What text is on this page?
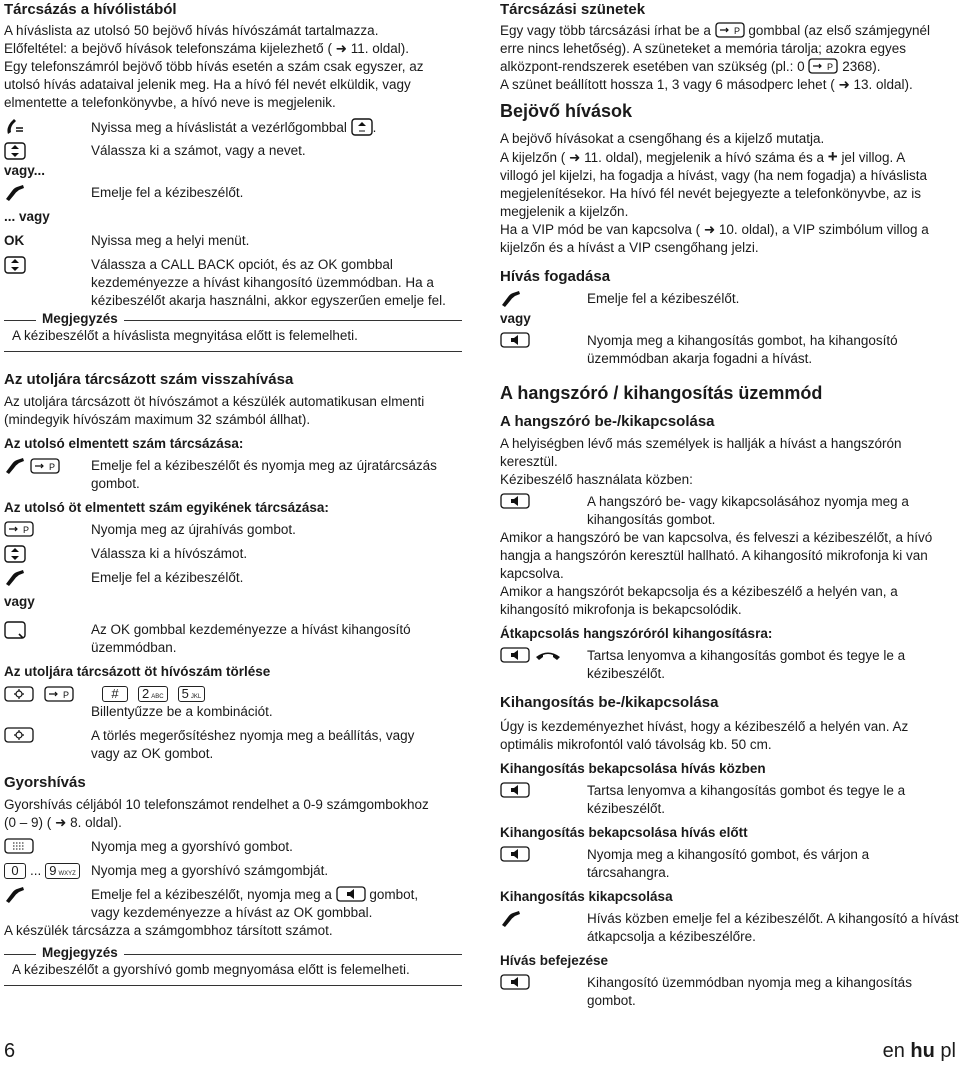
Tárcsázás a hívólistából

A híváslista az utolsó 50 bejövő hívás hívószámát tartalmazza.

Előfeltétel: a bejövő hívások telefonszáma kijelezhető ( ➜ 11. oldal).

Egy telefonszámról bejövő több hívás esetén a szám csak egyszer, az

utolsó hívás adataival jelenik meg. Ha a hívó fél nevét elküldik, vagy

elmentette a telefonkönyvbe, a hívó neve is megjelenik.

Nyissa meg a híváslistát a vezérlőgombbal .
Válassza ki a számot, vagy a nevet.
vagy...
Emelje fel a kézibeszélőt.
... vagy
OK	Nyissa meg a helyi menüt.
Válassza a CALL BACK opciót, és az OK gombbal
kezdeményezze a hívást kihangosító üzemmódban. Ha a
kézibeszélőt akarja használni, akkor egyszerűen emelje fel.
Megjegyzés

A kézibeszélőt a híváslista megnyitása előtt is felemelheti.

Az utoljára tárcsázott szám visszahívása

Az utoljára tárcsázott öt hívószámot a készülék automatikusan elmenti

(mindegyik hívószám maximum 32 számból állhat).

Az utolsó elmentett szám tárcsázása:
Emelje fel a kézibeszélőt és nyomja meg az újratárcsázás
gombot.
Az utolsó öt elmentett szám egyikének tárcsázása:
Nyomja meg az újrahívás gombot.
Válassza ki a hívószámot.
Emelje fel a kézibeszélőt.
vagy
Az OK gombbal kezdeményezze a hívást kihangosító
üzemmódban.
Az utoljára tárcsázott öt hívószám törlése
# 2 ABC 5 JKL
Billentyűzze be a kombinációt.
A törlés megerősítéshez nyomja meg a beállítás, vagy
vagy az OK gombot.
Gyorshívás

Gyorshívás céljából 10 telefonszámot rendelhet a 0-9 számgombokhoz

(0 – 9) ( ➜ 8. oldal).

Nyomja meg a gyorshívó gombot.
0 ... 9 WXYZ Nyomja meg a gyorshívó számgombját.
Emelje fel a kézibeszélőt, nyomja meg a	gombot,
vagy kezdeményezze a hívást az OK gombbal.

A készülék tárcsázza a számgombhoz társított számot.

Megjegyzés

A kézibeszélőt a gyorshívó gomb megnyomása előtt is felemelheti.

Tárcsázási szünetek

Egy vagy több tárcsázási írhat be a	gombbal (az első számjegynél

erre nincs lehetőség). A szüneteket a memória tárolja; azokra egyes

alközpont-rendszerek esetében van szükség (pl.: 0	2368).

A szünet beállított hossza 1, 3 vagy 6 másodperc lehet ( ➜ 13. oldal).

Bejövő hívások

A bejövő hívásokat a csengőhang és a kijelző mutatja.

A kijelzőn ( ➜ 11. oldal), megjelenik a hívó száma és a + jel villog. A

villogó jel kijelzi, ha fogadja a hívást, vagy (ha nem fogadja) a híváslista

megjelenítésekor. Ha hívó fél nevét bejegyezte a telefonkönyvbe, az is

megjelenik a kijelzőn.

Ha a VIP mód be van kapcsolva ( ➜ 10. oldal), a VIP szimbólum villog a

kijelzőn és a hívást a VIP csengőhang jelzi.

Hívás fogadása
Emelje fel a kézibeszélőt.
vagy
Nyomja meg a kihangosítás gombot, ha kihangosító
üzemmódban akarja fogadni a hívást.
A hangszóró / kihangosítás üzemmód
A hangszóró be-/kikapcsolása

A helyiségben lévő más személyek is hallják a hívást a hangszórón

keresztül.

Kézibeszélő használata közben:

A hangszóró be- vagy kikapcsolásához nyomja meg a
kihangosítás gombot.

Amikor a hangszóró be van kapcsolva, és felveszi a kézibeszélőt, a hívó

hangja a hangszórón keresztül hallható. A kihangosító mikrofonja ki van

kapcsolva.

Amikor a hangszórót bekapcsolja és a kézibeszélő a helyén van, a

kihangosító mikrofonja is bekapcsolódik.

Átkapcsolás hangszóróról kihangosításra:
Tartsa lenyomva a kihangosítás gombot és tegye le a
kézibeszélőt.
Kihangosítás be-/kikapcsolása

Úgy is kezdeményezhet hívást, hogy a kézibeszélő a helyén van. Az

optimális mikrofontól való távolság kb. 50 cm.

Kihangosítás bekapcsolása hívás közben
Tartsa lenyomva a kihangosítás gombot és tegye le a
kézibeszélőt.
Kihangosítás bekapcsolása hívás előtt
Nyomja meg a kihangosító gombot, és várjon a
tárcsahangra.
Kihangosítás kikapcsolása
Hívás közben emelje fel a kézibeszélőt. A kihangosító a hívást
átkapcsolja a kézibeszélőre.
Hívás befejezése
Kihangosító üzemmódban nyomja meg a kihangosítás
gombot.
6	en hu pl
